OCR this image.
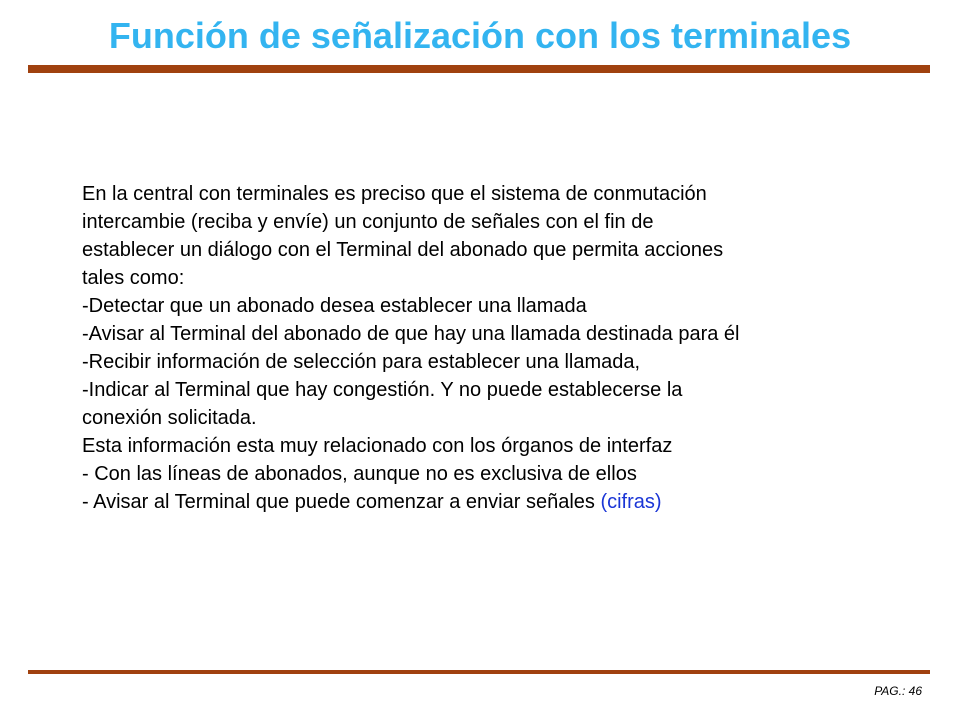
Función de señalización con los terminales
En la central con terminales es preciso que el sistema de conmutación
intercambie (reciba y envíe) un conjunto de señales con el fin de
establecer un diálogo con el Terminal del abonado que permita acciones
tales como:
-Detectar que un abonado desea establecer una llamada
-Avisar al Terminal del abonado de que hay una llamada destinada para él
-Recibir información de selección para establecer una llamada,
-Indicar al Terminal que hay congestión. Y no puede establecerse la
conexión solicitada.
Esta información esta muy relacionado con los órganos de interfaz
- Con las líneas de abonados, aunque no es exclusiva de ellos
- Avisar al Terminal que puede comenzar a enviar señales (cifras)
PAG.: 46
